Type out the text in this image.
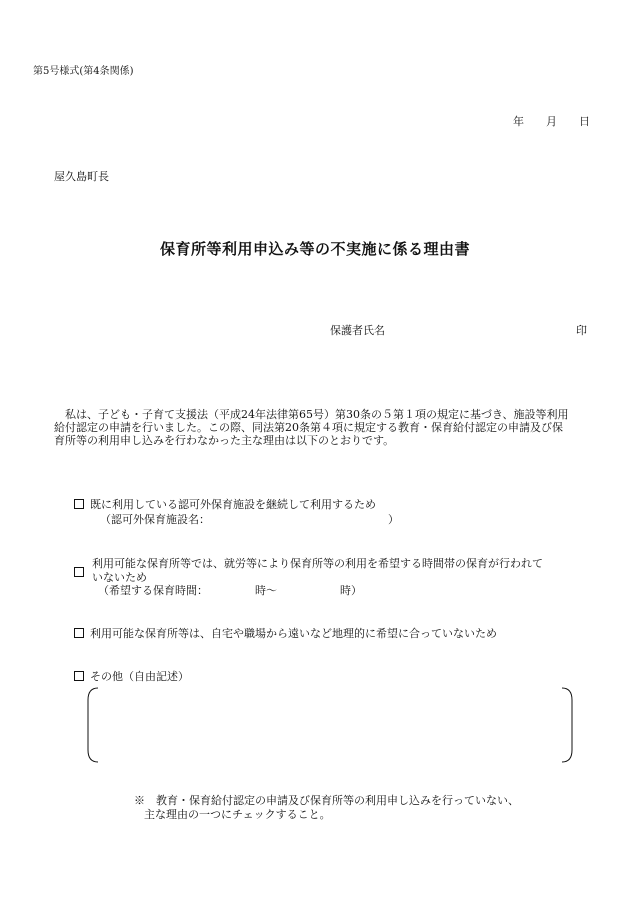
第5号様式(第4条関係)
年 月 日
屋久島町長
保育所等利用申込み等の不実施に係る理由書
保護者氏名	印
私は、子ども・子育て支援法（平成24年法律第65号）第30条の５第１項の規定に基づき、施設等利用
給付認定の申請を行いました。この際、同法第20条第４項に規定する教育・保育給付認定の申請及び保
育所等の利用申し込みを行わなかった主な理由は以下のとおりです。
既に利用している認可外保育施設を継続して利用するため
（認可外保育施設名：	）
利用可能な保育所等では、就労等により保育所等の利用を希望する時間帯の保育が行われて
いないため
（希望する保育時間：	時～	時）
利用可能な保育所等は、自宅や職場から遠いなど地理的に希望に合っていないため
その他（自由記述）
※　教育・保育給付認定の申請及び保育所等の利用申し込みを行っていない、
主な理由の一つにチェックすること。
